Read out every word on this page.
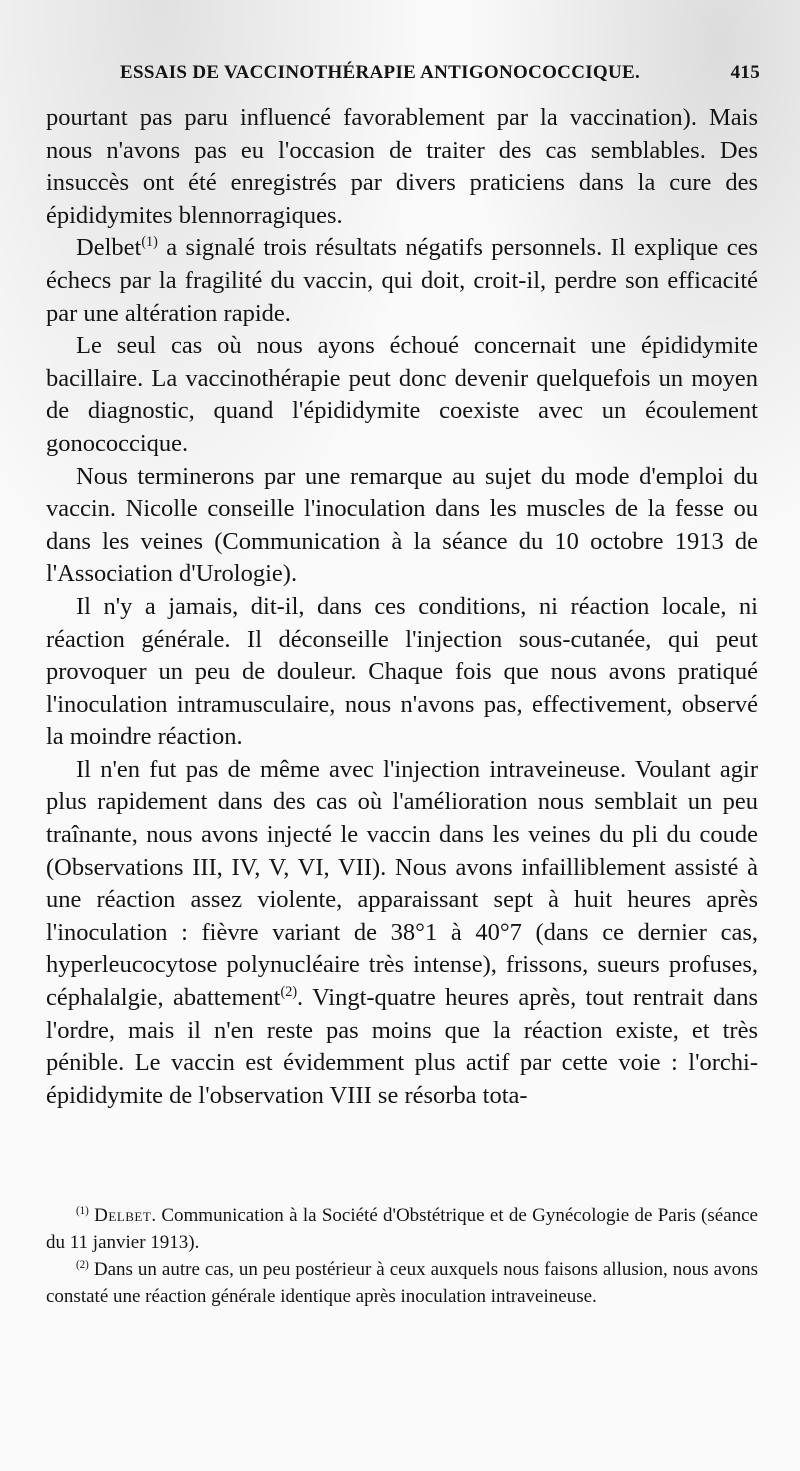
ESSAIS DE VACCINOTHÉRAPIE ANTIGONOCOCCIQUE.	415

pourtant pas paru influencé favorablement par la vaccination). Mais nous n'avons pas eu l'occasion de traiter des cas semblables. Des insuccès ont été enregistrés par divers praticiens dans la cure des épididymites blennorragiques.

Delbet$^{(1)}$ a signalé trois résultats négatifs personnels. Il explique ces échecs par la fragilité du vaccin, qui doit, croit-il, perdre son efficacité par une altération rapide.

Le seul cas où nous ayons échoué concernait une épididymite bacillaire. La vaccinothérapie peut donc devenir quelquefois un moyen de diagnostic, quand l'épididymite coexiste avec un écoulement gonococcique.

Nous terminerons par une remarque au sujet du mode d'emploi du vaccin. Nicolle conseille l'inoculation dans les muscles de la fesse ou dans les veines (Communication à la séance du 10 octobre 1913 de l'Association d'Urologie).

Il n'y a jamais, dit-il, dans ces conditions, ni réaction locale, ni réaction générale. Il déconseille l'injection sous-cutanée, qui peut provoquer un peu de douleur. Chaque fois que nous avons pratiqué l'inoculation intramusculaire, nous n'avons pas, effectivement, observé la moindre réaction.

Il n'en fut pas de même avec l'injection intraveineuse. Voulant agir plus rapidement dans des cas où l'amélioration nous semblait un peu traînante, nous avons injecté le vaccin dans les veines du pli du coude (Observations III, IV, V, VI, VII). Nous avons infailliblement assisté à une réaction assez violente, apparaissant sept à huit heures après l'inoculation : fièvre variant de 38°1 à 40°7 (dans ce dernier cas, hyperleucocytose polynucléaire très intense), frissons, sueurs profuses, céphalalgie, abattement$^{(2)}$. Vingt-quatre heures après, tout rentrait dans l'ordre, mais il n'en reste pas moins que la réaction existe, et très pénible. Le vaccin est évidemment plus actif par cette voie : l'orchi-épididymite de l'observation VIII se résorba tota-

$^{(1)}$ Delbet. Communication à la Société d'Obstétrique et de Gynécologie de Paris (séance du 11 janvier 1913).

$^{(2)}$ Dans un autre cas, un peu postérieur à ceux auxquels nous faisons allusion, nous avons constaté une réaction générale identique après inoculation intraveineuse.
